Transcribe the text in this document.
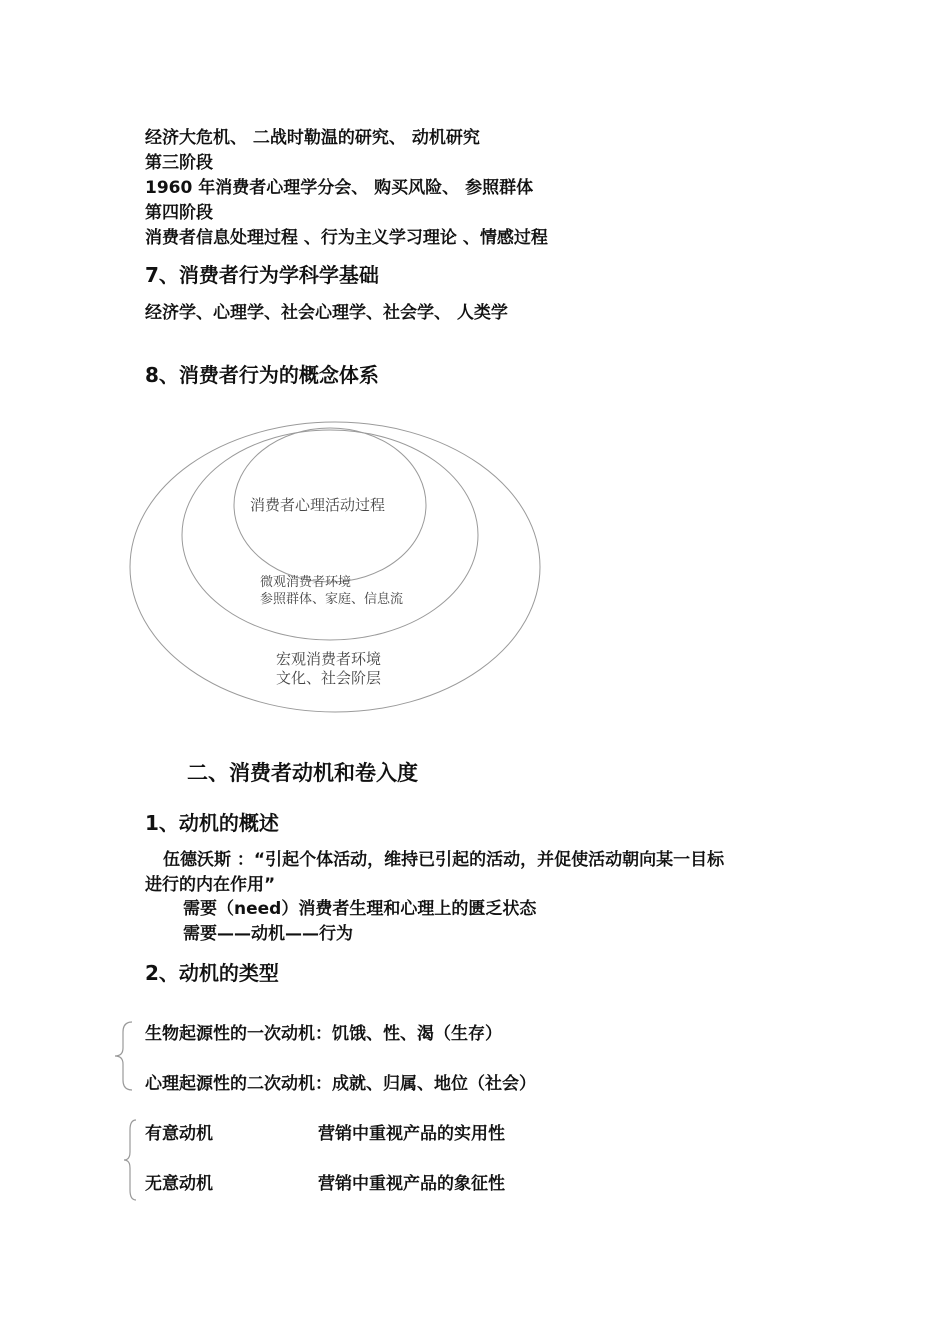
经济大危机、 二战时勒温的研究、 动机研究
第三阶段
1960 年消费者心理学分会、 购买风险、 参照群体
第四阶段
消费者信息处理过程 、行为主义学习理论 、情感过程
7、消费者行为学科学基础
经济学、心理学、社会心理学、社会学、 人类学
8、消费者行为的概念体系
消费者心理活动过程
微观消费者环境
参照群体、家庭、信息流
宏观消费者环境
文化、社会阶层
二、消费者动机和卷入度
1、动机的概述
伍德沃斯 ：“引起个体活动，维持已引起的活动，并促使活动朝向某一目标
进行的内在作用”
需要（need）消费者生理和心理上的匮乏状态
需要——动机——行为
2、动机的类型
生物起源性的一次动机：饥饿、性、渴（生存）
心理起源性的二次动机：成就、归属、地位（社会）
有意动机	营销中重视产品的实用性
无意动机	营销中重视产品的象征性
